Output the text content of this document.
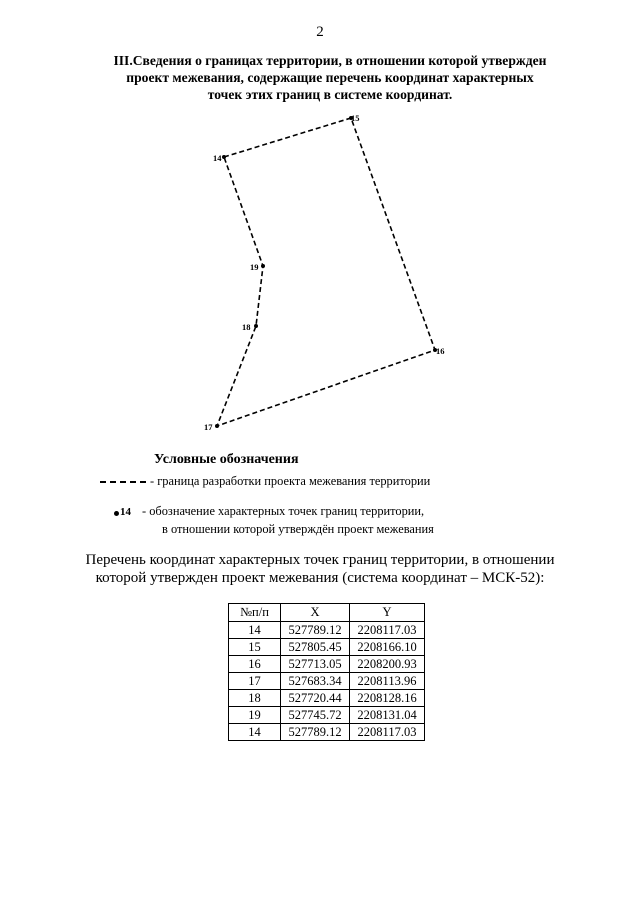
2
III.Сведения о границах территории, в отношении которой утвержден
проект межевания, содержащие перечень координат характерных
точек этих границ в системе координат.
14
15
16
17
18
19
Условные обозначения
- граница разработки проекта межевания территории
14 - обозначение характерных точек границ территории,
в отношении которой утверждён проект межевания
Перечень координат характерных точек границ территории, в отношении
которой утвержден проект межевания (система координат – МСК-52):
№п/п	X	Y
14	527789.12	2208117.03
15	527805.45	2208166.10
16	527713.05	2208200.93
17	527683.34	2208113.96
18	527720.44	2208128.16
19	527745.72	2208131.04
14	527789.12	2208117.03
